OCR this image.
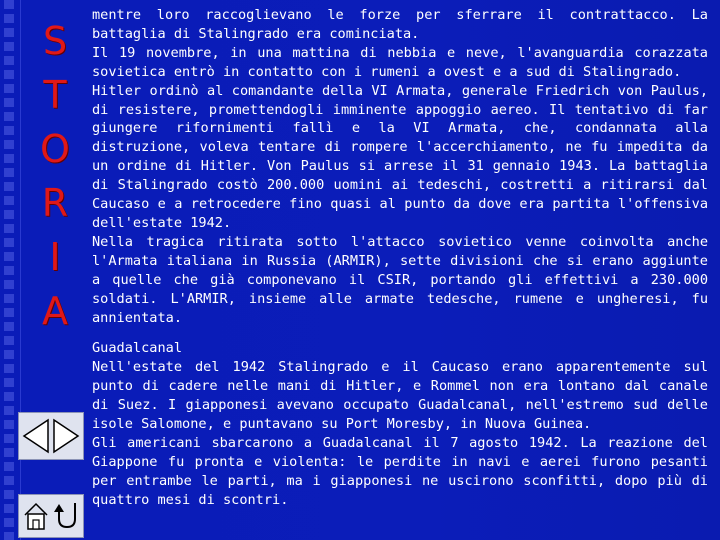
S
T
O
R
I
A

mentre loro raccoglievano le forze per sferrare il contrattacco. La battaglia di Stalingrado era cominciata.

Il 19 novembre, in una mattina di nebbia e neve, l'avanguardia corazzata sovietica entrò in contatto con i rumeni a ovest e a sud di Stalingrado.

Hitler ordinò al comandante della VI Armata, generale Friedrich von Paulus, di resistere, promettendogli imminente appoggio aereo. Il tentativo di far giungere rifornimenti fallì e la VI Armata, che, condannata alla distruzione, voleva tentare di rompere l'accerchiamento, ne fu impedita da un ordine di Hitler. Von Paulus si arrese il 31 gennaio 1943. La battaglia di Stalingrado costò 200.000 uomini ai tedeschi, costretti a ritirarsi dal Caucaso e a retrocedere fino quasi al punto da dove era partita l'offensiva dell'estate 1942.

Nella tragica ritirata sotto l'attacco sovietico venne coinvolta anche l'Armata italiana in Russia (ARMIR), sette divisioni che si erano aggiunte a quelle che già componevano il CSIR, portando gli effettivi a 230.000 soldati. L'ARMIR, insieme alle armate tedesche, rumene e ungheresi, fu annientata.

Guadalcanal

Nell'estate del 1942 Stalingrado e il Caucaso erano apparentemente sul punto di cadere nelle mani di Hitler, e Rommel non era lontano dal canale di Suez. I giapponesi avevano occupato Guadalcanal, nell'estremo sud delle isole Salomone, e puntavano su Port Moresby, in Nuova Guinea.

Gli americani sbarcarono a Guadalcanal il 7 agosto 1942. La reazione del Giappone fu pronta e violenta: le perdite in navi e aerei furono pesanti per entrambe le parti, ma i giapponesi ne uscirono sconfitti, dopo più di quattro mesi di scontri.
